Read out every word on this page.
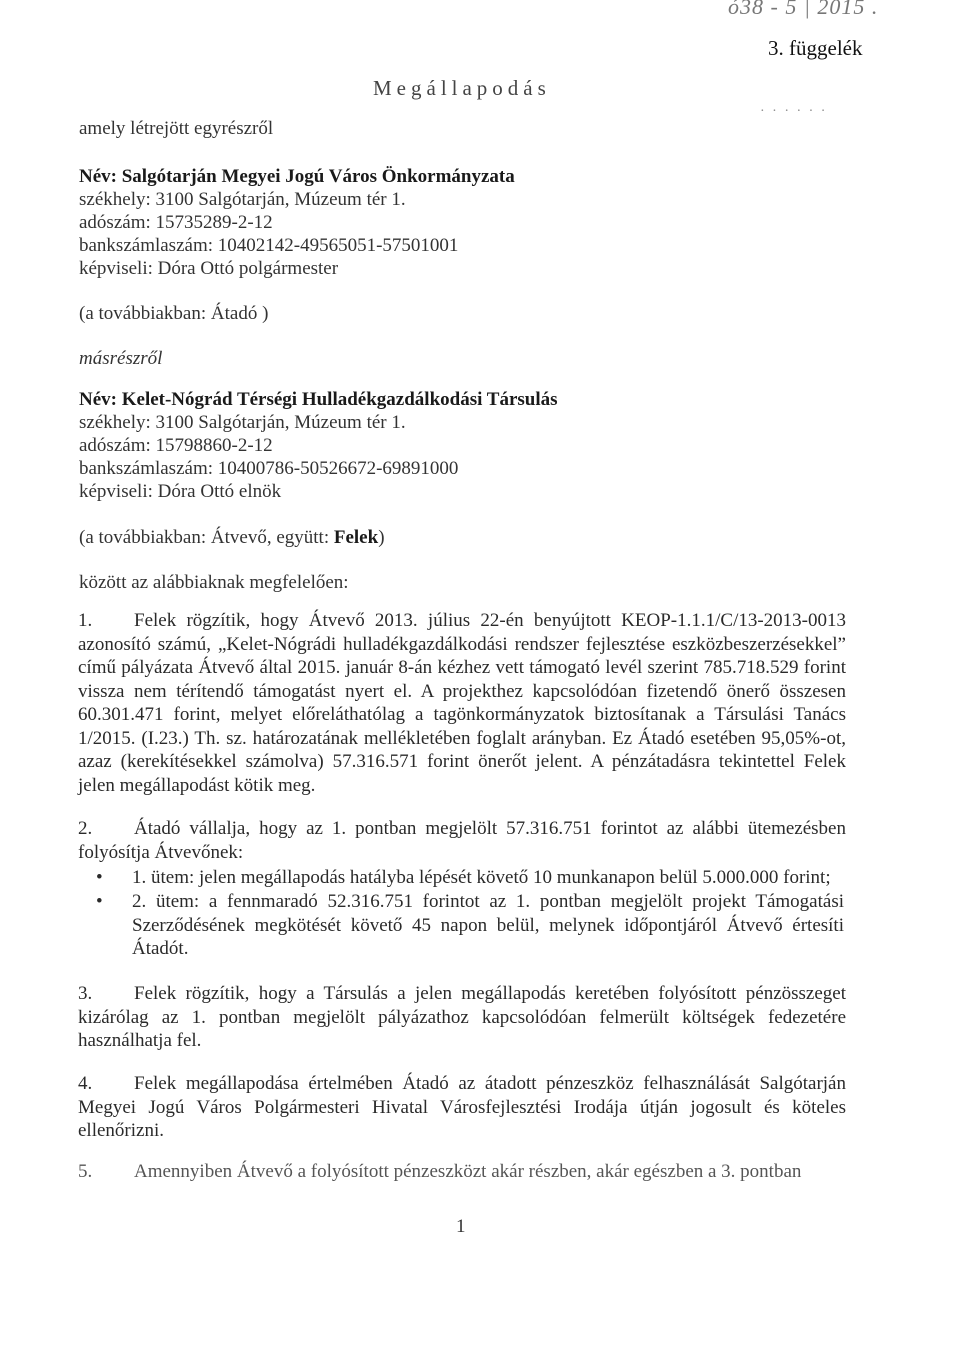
ỏ38 - 5 | 2015 .
3. függelék
Megállapodás
· · · · · ·
amely létrejött egyrészről
Név: Salgótarján Megyei Jogú Város Önkormányzata
székhely: 3100 Salgótarján, Múzeum tér 1.
adószám: 15735289-2-12
bankszámlaszám: 10402142-49565051-57501001
képviseli: Dóra Ottó polgármester
(a továbbiakban: Átadó )
másrészről
Név: Kelet-Nógrád Térségi Hulladékgazdálkodási Társulás
székhely: 3100 Salgótarján, Múzeum tér 1.
adószám: 15798860-2-12
bankszámlaszám: 10400786-50526672-69891000
képviseli: Dóra Ottó elnök
(a továbbiakban: Átvevő, együtt: Felek)
között az alábbiaknak megfelelően:
1. Felek rögzítik, hogy Átvevő 2013. július 22-én benyújtott KEOP-1.1.1/C/13-2013-0013 azonosító számú, „Kelet-Nógrádi hulladékgazdálkodási rendszer fejlesztése eszközbeszerzésekkel” című pályázata Átvevő által 2015. január 8-án kézhez vett támogató levél szerint 785.718.529 forint vissza nem térítendő támogatást nyert el. A projekthez kapcsolódóan fizetendő önerő összesen 60.301.471 forint, melyet előreláthatólag a tagönkormányzatok biztosítanak a Társulási Tanács 1/2015. (I.23.) Th. sz. határozatának mellékletében foglalt arányban. Ez Átadó esetében 95,05%-ot, azaz (kerekítésekkel számolva) 57.316.571 forint önerőt jelent. A pénzátadásra tekintettel Felek jelen megállapodást kötik meg.
2. Átadó vállalja, hogy az 1. pontban megjelölt 57.316.751 forintot az alábbi ütemezésben folyósítja Átvevőnek:
• 1. ütem: jelen megállapodás hatályba lépését követő 10 munkanapon belül 5.000.000 forint;
• 2. ütem: a fennmaradó 52.316.751 forintot az 1. pontban megjelölt projekt Támogatási Szerződésének megkötését követő 45 napon belül, melynek időpontjáról Átvevő értesíti Átadót.
3. Felek rögzítik, hogy a Társulás a jelen megállapodás keretében folyósított pénzösszeget kizárólag az 1. pontban megjelölt pályázathoz kapcsolódóan felmerült költségek fedezetére használhatja fel.
4. Felek megállapodása értelmében Átadó az átadott pénzeszköz felhasználását Salgótarján Megyei Jogú Város Polgármesteri Hivatal Városfejlesztési Irodája útján jogosult és köteles ellenőrizni.
5. Amennyiben Átvevő a folyósított pénzeszközt akár részben, akár egészben a 3. pontban
1
